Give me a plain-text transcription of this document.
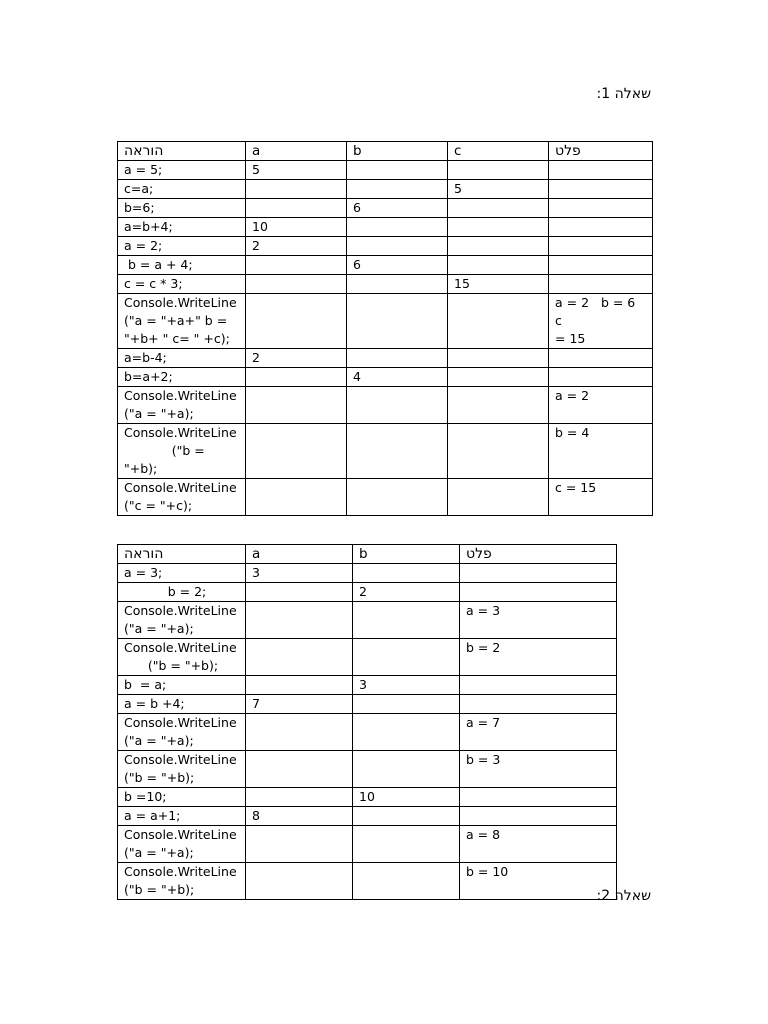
שאלה 1:
הוראה	a	b	c	פלט
a = 5;	5			
c=a;			5	
b=6;		6		
a=b+4;	10			
a = 2;	2			
b = a + 4;		6		
c = c * 3;			15	
Console.WriteLine
("a = "+a+" b =
"+b+ " c= " +c);				a = 2   b = 6   c
= 15
a=b-4;	2			
b=a+2;		4		
Console.WriteLine
("a = "+a);				a = 2
Console.WriteLine
("b = "+b);				b = 4
Console.WriteLine
("c = "+c);				c = 15
הוראה	a	b	פלט
a = 3;	3		
b = 2;		2	
Console.WriteLine
("a = "+a);			a = 3
Console.WriteLine
("b = "+b);			b = 2
b  = a;		3	
a = b +4;	7		
Console.WriteLine
("a = "+a);			a = 7
Console.WriteLine
("b = "+b);			b = 3
b =10;		10	
a = a+1;	8		
Console.WriteLine
("a = "+a);			a = 8
Console.WriteLine
("b = "+b);			b = 10
שאלה 2:
